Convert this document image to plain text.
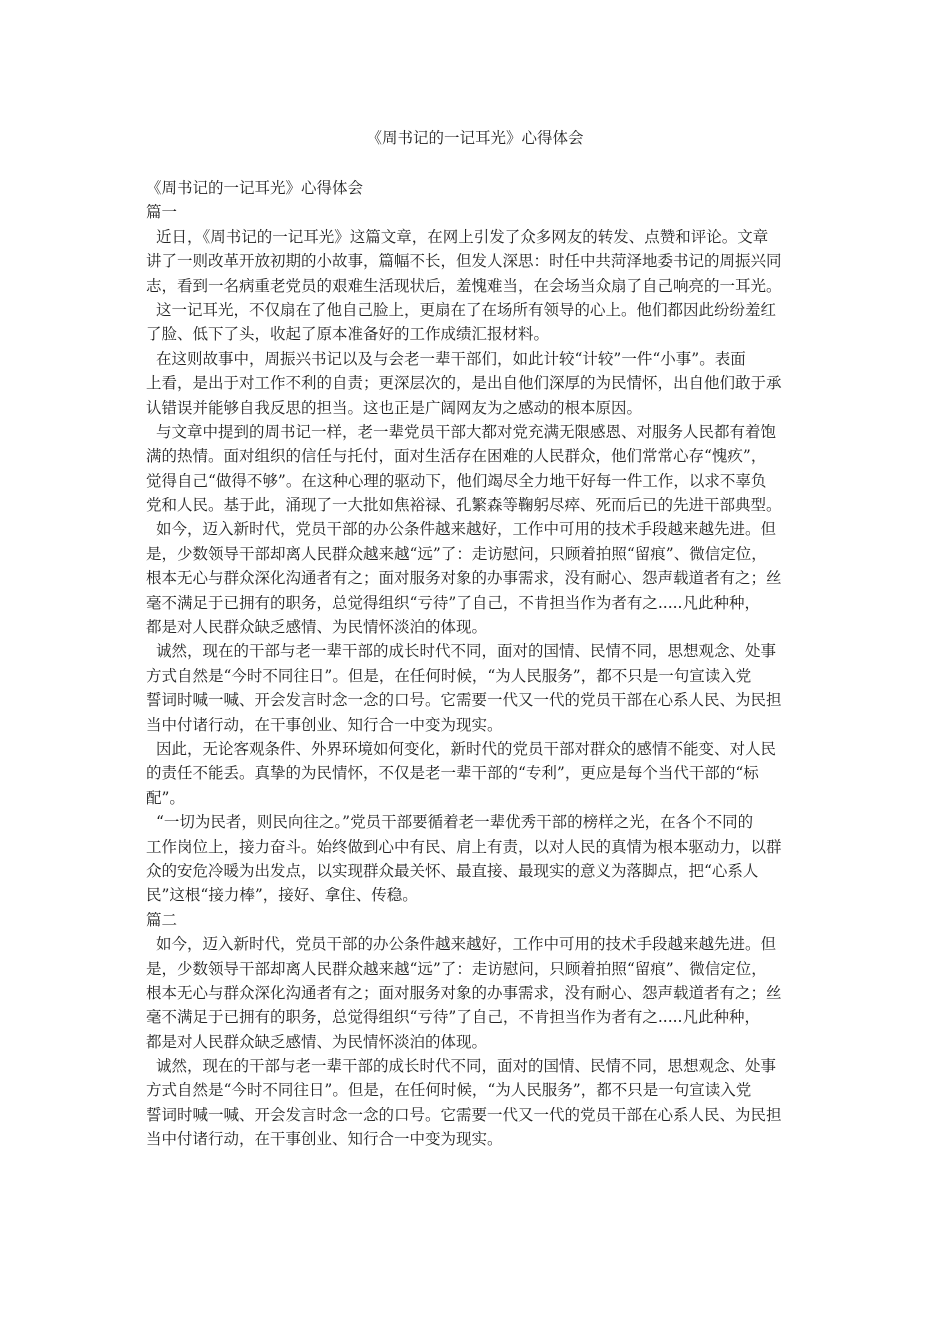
《周书记的一记耳光》心得体会
《周书记的一记耳光》心得体会
篇一
近日，《周书记的一记耳光》这篇文章，在网上引发了众多网友的转发、点赞和评论。文章
讲了一则改革开放初期的小故事，篇幅不长，但发人深思：时任中共菏泽地委书记的周振兴同
志，看到一名病重老党员的艰难生活现状后，羞愧难当，在会场当众扇了自己响亮的一耳光。
这一记耳光，不仅扇在了他自己脸上，更扇在了在场所有领导的心上。他们都因此纷纷羞红
了脸、低下了头，收起了原本准备好的工作成绩汇报材料。
在这则故事中，周振兴书记以及与会老一辈干部们，如此计较“计较”一件“小事”。表面
上看，是出于对工作不利的自责；更深层次的，是出自他们深厚的为民情怀，出自他们敢于承
认错误并能够自我反思的担当。这也正是广阔网友为之感动的根本原因。
与文章中提到的周书记一样，老一辈党员干部大都对党充满无限感恩、对服务人民都有着饱
满的热情。面对组织的信任与托付，面对生活存在困难的人民群众，他们常常心存“愧疚”，
觉得自己“做得不够”。在这种心理的驱动下，他们竭尽全力地干好每一件工作，以求不辜负
党和人民。基于此，涌现了一大批如焦裕禄、孔繁森等鞠躬尽瘁、死而后已的先进干部典型。
如今，迈入新时代，党员干部的办公条件越来越好，工作中可用的技术手段越来越先进。但
是，少数领导干部却离人民群众越来越“远”了：走访慰问，只顾着拍照“留痕”、微信定位，
根本无心与群众深化沟通者有之；面对服务对象的办事需求，没有耐心、怨声载道者有之；丝
毫不满足于已拥有的职务，总觉得组织“亏待”了自己，不肯担当作为者有之.....凡此种种，
都是对人民群众缺乏感情、为民情怀淡泊的体现。
诚然，现在的干部与老一辈干部的成长时代不同，面对的国情、民情不同，思想观念、处事
方式自然是“今时不同往日”。但是，在任何时候，“为人民服务”，都不只是一句宣读入党
誓词时喊一喊、开会发言时念一念的口号。它需要一代又一代的党员干部在心系人民、为民担
当中付诸行动，在干事创业、知行合一中变为现实。
因此，无论客观条件、外界环境如何变化，新时代的党员干部对群众的感情不能变、对人民
的责任不能丢。真挚的为民情怀，不仅是老一辈干部的“专利”，更应是每个当代干部的“标
配”。
“一切为民者，则民向往之。”党员干部要循着老一辈优秀干部的榜样之光，在各个不同的
工作岗位上，接力奋斗。始终做到心中有民、肩上有责，以对人民的真情为根本驱动力，以群
众的安危冷暖为出发点，以实现群众最关怀、最直接、最现实的意义为落脚点，把“心系人
民”这根“接力棒”，接好、拿住、传稳。
篇二
如今，迈入新时代，党员干部的办公条件越来越好，工作中可用的技术手段越来越先进。但
是，少数领导干部却离人民群众越来越“远”了：走访慰问，只顾着拍照“留痕”、微信定位，
根本无心与群众深化沟通者有之；面对服务对象的办事需求，没有耐心、怨声载道者有之；丝
毫不满足于已拥有的职务，总觉得组织“亏待”了自己，不肯担当作为者有之.....凡此种种，
都是对人民群众缺乏感情、为民情怀淡泊的体现。
诚然，现在的干部与老一辈干部的成长时代不同，面对的国情、民情不同，思想观念、处事
方式自然是“今时不同往日”。但是，在任何时候，“为人民服务”，都不只是一句宣读入党
誓词时喊一喊、开会发言时念一念的口号。它需要一代又一代的党员干部在心系人民、为民担
当中付诸行动，在干事创业、知行合一中变为现实。
